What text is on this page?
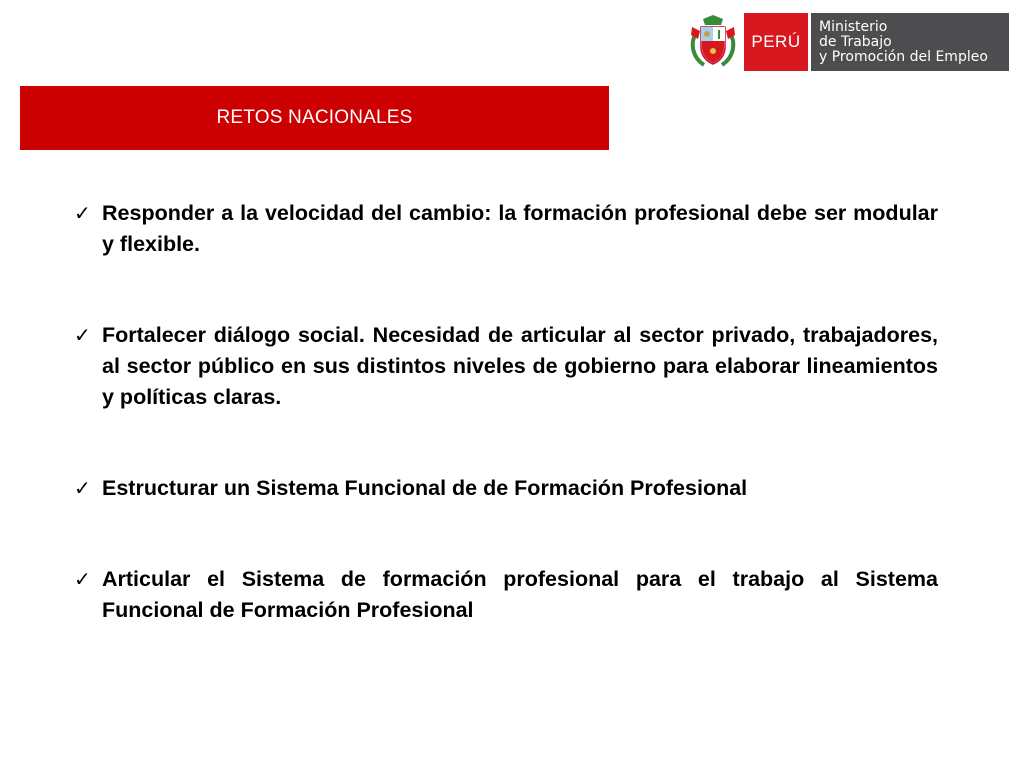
PERÚ
Ministerio
de Trabajo
y Promoción del Empleo
RETOS NACIONALES
✓ Responder a la velocidad del cambio: la formación profesional debe ser modular y flexible.
✓ Fortalecer diálogo social. Necesidad de articular al sector privado, trabajadores, al sector público en sus distintos niveles de gobierno para elaborar lineamientos y políticas claras.
✓ Estructurar un Sistema Funcional de de Formación Profesional
✓ Articular el Sistema de formación profesional para el trabajo al Sistema Funcional de Formación Profesional
